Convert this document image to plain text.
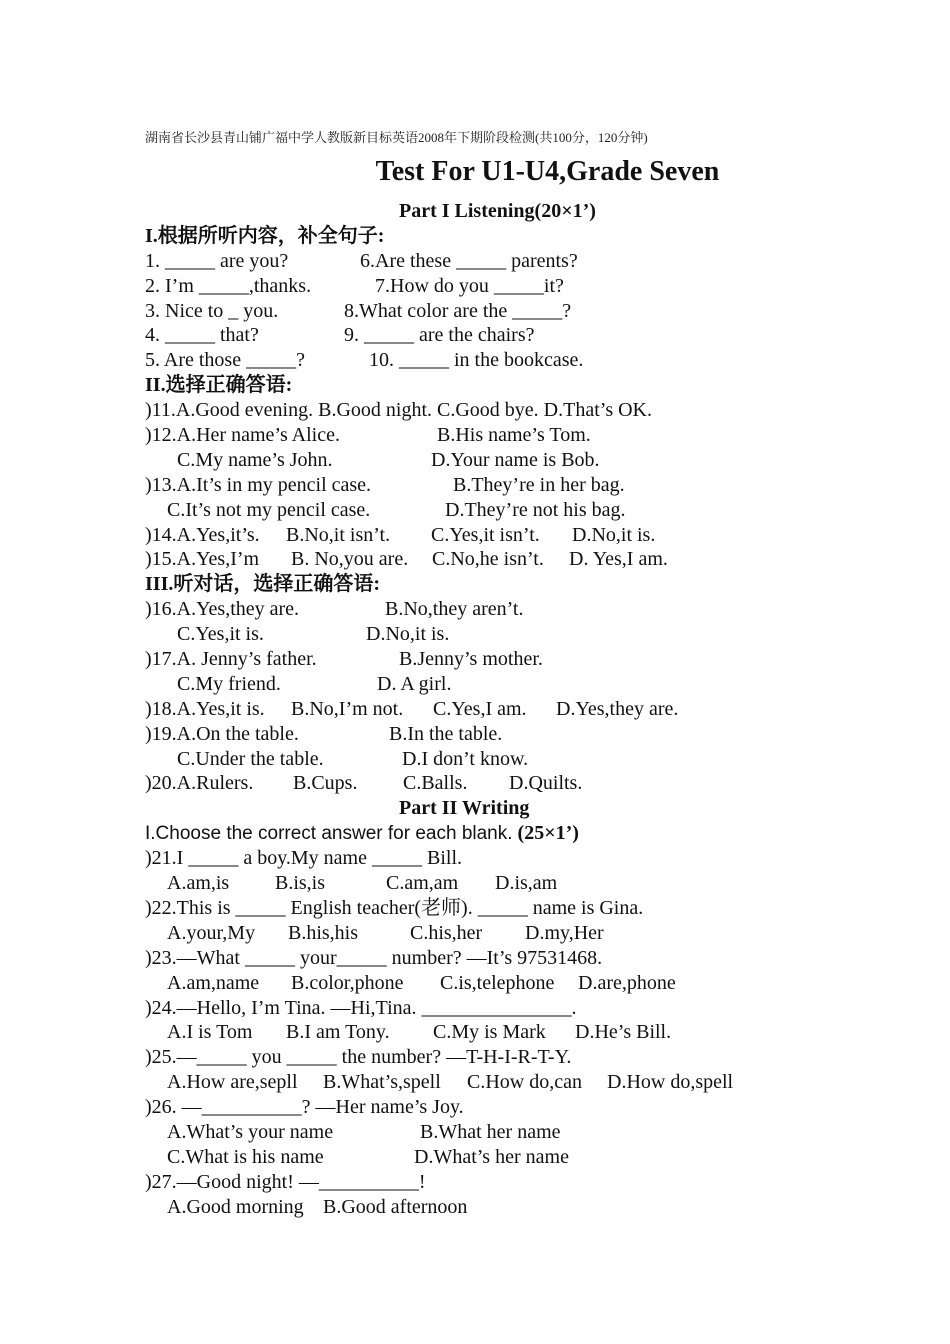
湖南省长沙县青山铺广福中学人教版新目标英语2008年下期阶段检测(共100分，120分钟)
Test For U1-U4,Grade Seven
Part I Listening(20×1’)
I.根据所听内容，补全句子:
1. _____ are you?	6.Are these _____ parents?
2. I’m _____,thanks.	7.How do you _____it?
3. Nice to _ you.	8.What color are the _____?
4. _____ that?	9. _____ are the chairs?
5. Are those _____?	10. _____ in the bookcase.
II.选择正确答语:
)11.A.Good evening. B.Good night. C.Good bye. D.That’s OK.
)12.A.Her name’s Alice.	B.His name’s Tom.
C.My name’s John.	D.Your name is Bob.
)13.A.It’s in my pencil case.	B.They’re in her bag.
C.It’s not my pencil case.	D.They’re not his bag.
)14.A.Yes,it’s. B.No,it isn’t. C.Yes,it isn’t. D.No,it is.
)15.A.Yes,I’m B. No,you are. C.No,he isn’t. D. Yes,I am.
III.听对话，选择正确答语:
)16.A.Yes,they are.	B.No,they aren’t.
C.Yes,it is.	D.No,it is.
)17.A. Jenny’s father.	B.Jenny’s mother.
C.My friend.	D. A girl.
)18.A.Yes,it is. B.No,I’m not. C.Yes,I am. D.Yes,they are.
)19.A.On the table.	B.In the table.
C.Under the table.	D.I don’t know.
)20.A.Rulers. B.Cups. C.Balls. D.Quilts.
Part II Writing
I.Choose the correct answer for each blank. (25×1’)
)21.I _____ a boy.My name _____ Bill.
A.am,is B.is,is	C.am,am D.is,am
)22.This is _____ English teacher(老师). _____ name is Gina.
A.your,My B.his,his	C.his,her D.my,Her
)23.—What _____ your_____ number? —It’s 97531468.
A.am,name B.color,phone C.is,telephone D.are,phone
)24.—Hello, I’m Tina. —Hi,Tina. _______________.
A.I is Tom B.I am Tony. C.My is Mark D.He’s Bill.
)25.—_____ you _____ the number? —T-H-I-R-T-Y.
A.How are,sepll B.What’s,spell C.How do,can D.How do,spell
)26. —__________? —Her name’s Joy.
A.What’s your name	B.What her name
C.What is his name	D.What’s her name
)27.—Good night! —__________!
A.Good morning B.Good afternoon
